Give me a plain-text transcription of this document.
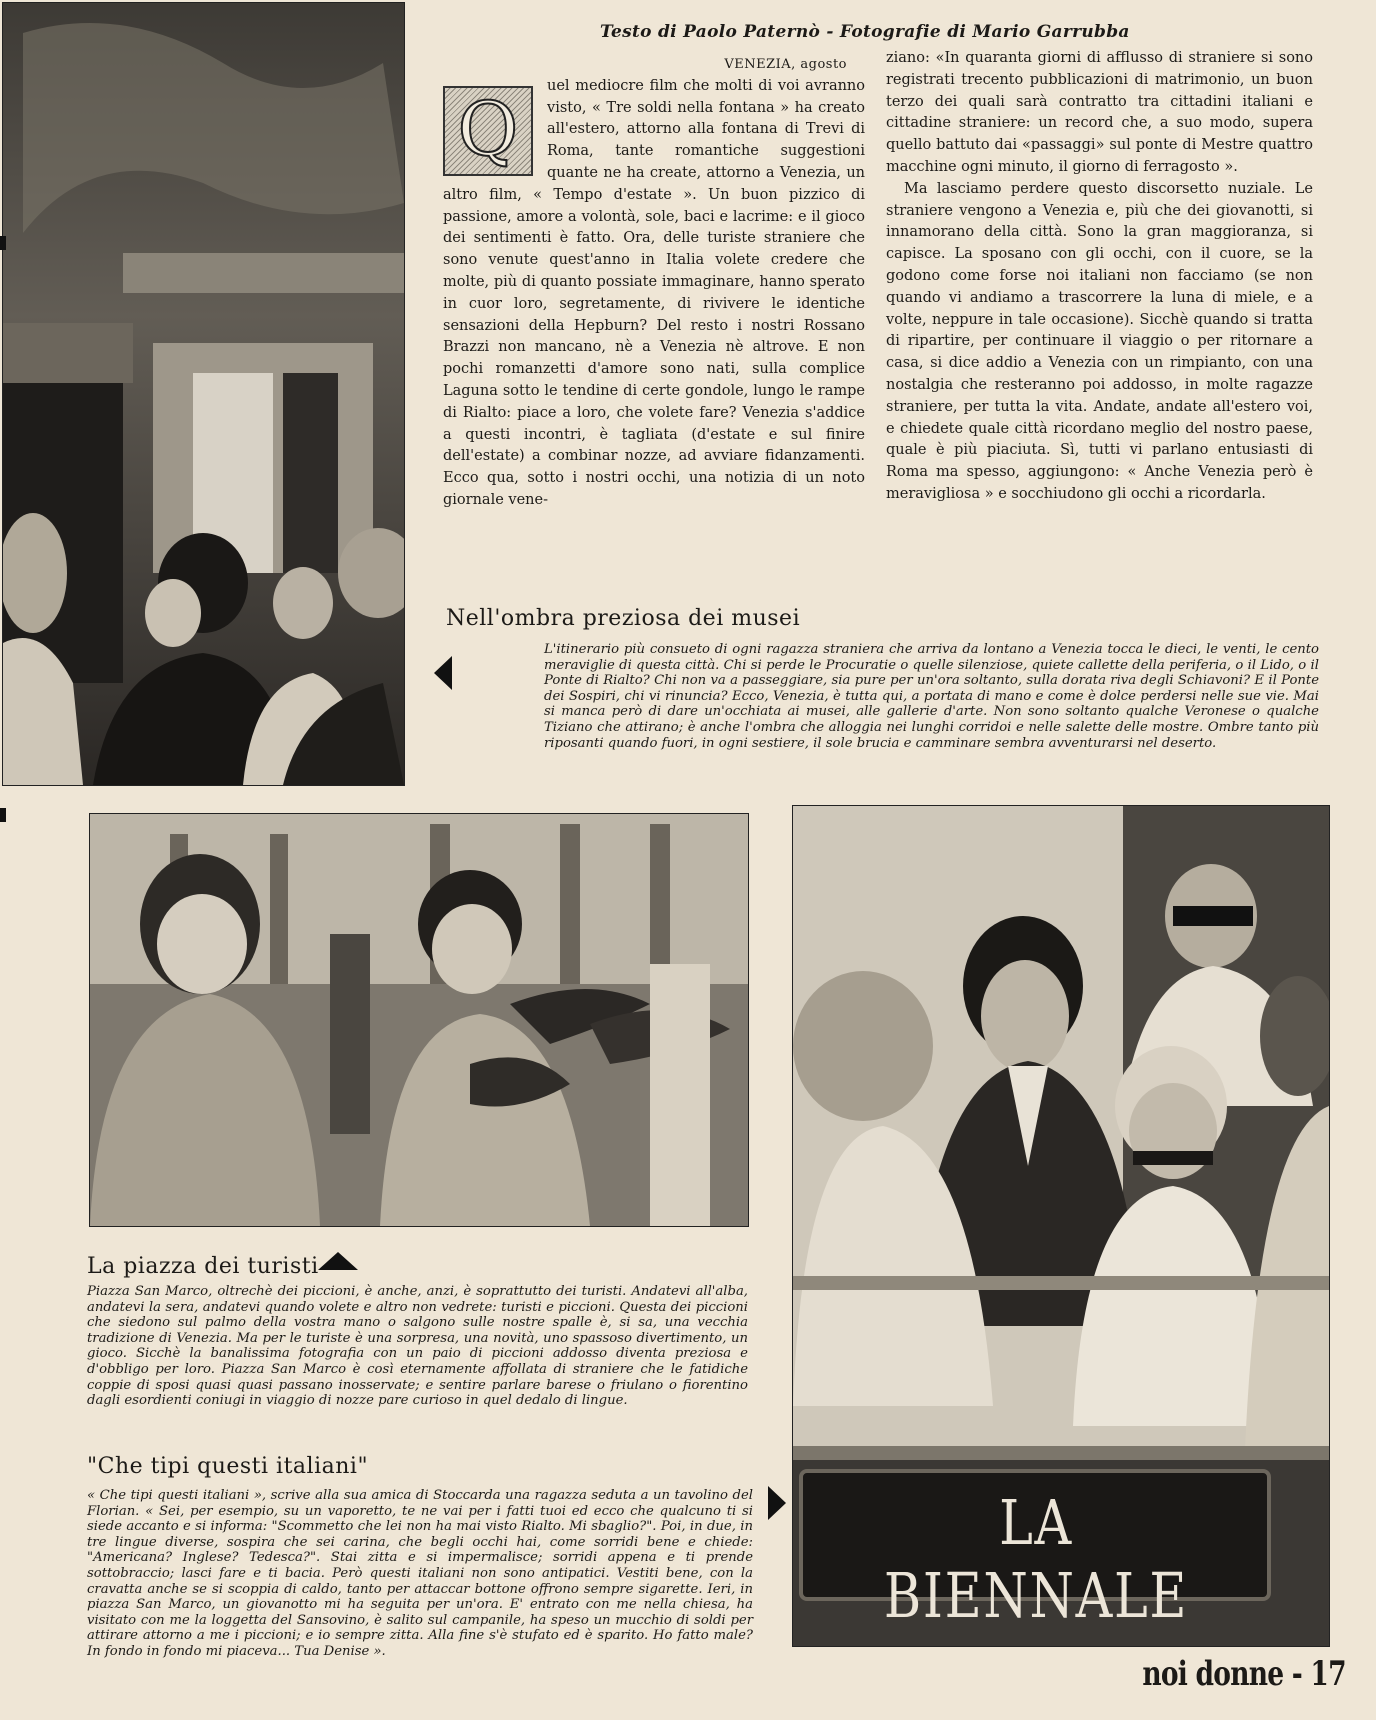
Testo di Paolo Paternò - Fotografie di Mario Garrubba
VENEZIA, agosto
Q

uel mediocre film che molti di voi avranno visto, « Tre soldi nella fontana » ha creato all'estero, attorno alla fontana di Trevi di Roma, tante romantiche suggestioni quante ne ha create, attorno a Venezia, un altro film, « Tempo d'estate ». Un buon pizzico di passione, amore a volontà, sole, baci e lacrime: e il gioco dei sentimenti è fatto. Ora, delle turiste straniere che sono venute quest'anno in Italia volete credere che molte, più di quanto possiate immaginare, hanno sperato in cuor loro, segretamente, di rivivere le identiche sensazioni della Hepburn? Del resto i nostri Rossano Brazzi non mancano, nè a Venezia nè altrove. E non pochi romanzetti d'amore sono nati, sulla complice Laguna sotto le tendine di certe gondole, lungo le rampe di Rialto: piace a loro, che volete fare? Venezia s'addice a questi incontri, è tagliata (d'estate e sul finire dell'estate) a combinar nozze, ad avviare fidanzamenti. Ecco qua, sotto i nostri occhi, una notizia di un noto giornale vene-

ziano: «In quaranta giorni di afflusso di straniere si sono registrati trecento pubblicazioni di matrimonio, un buon terzo dei quali sarà contratto tra cittadini italiani e cittadine straniere: un record che, a suo modo, supera quello battuto dai «passaggi» sul ponte di Mestre quattro macchine ogni minuto, il giorno di ferragosto ».

Ma lasciamo perdere questo discorsetto nuziale. Le straniere vengono a Venezia e, più che dei giovanotti, si innamorano della città. Sono la gran maggioranza, si capisce. La sposano con gli occhi, con il cuore, se la godono come forse noi italiani non facciamo (se non quando vi andiamo a trascorrere la luna di miele, e a volte, neppure in tale occasione). Sicchè quando si tratta di ripartire, per continuare il viaggio o per ritornare a casa, si dice addio a Venezia con un rimpianto, con una nostalgia che resteranno poi addosso, in molte ragazze straniere, per tutta la vita. Andate, andate all'estero voi, e chiedete quale città ricordano meglio del nostro paese, quale è più piaciuta. Sì, tutti vi parlano entusiasti di Roma ma spesso, aggiungono: « Anche Venezia però è meravigliosa » e socchiudono gli occhi a ricordarla.

Nell'ombra preziosa dei musei
L'itinerario più consueto di ogni ragazza straniera che arriva da lontano a Venezia tocca le dieci, le venti, le cento meraviglie di questa città. Chi si perde le Procuratie o quelle silenziose, quiete callette della periferia, o il Lido, o il Ponte di Rialto? Chi non va a passeggiare, sia pure per un'ora soltanto, sulla dorata riva degli Schiavoni? E il Ponte dei Sospiri, chi vi rinuncia? Ecco, Venezia, è tutta qui, a portata di mano e come è dolce perdersi nelle sue vie. Mai si manca però di dare un'occhiata ai musei, alle gallerie d'arte. Non sono soltanto qualche Veronese o qualche Tiziano che attirano; è anche l'ombra che alloggia nei lunghi corridoi e nelle salette delle mostre. Ombre tanto più riposanti quando fuori, in ogni sestiere, il sole brucia e camminare sembra avventurarsi nel deserto.
LA BIENNALE
La piazza dei turisti
Piazza San Marco, oltrechè dei piccioni, è anche, anzi, è soprattutto dei turisti. Andatevi all'alba, andatevi la sera, andatevi quando volete e altro non vedrete: turisti e piccioni. Questa dei piccioni che siedono sul palmo della vostra mano o salgono sulle nostre spalle è, si sa, una vecchia tradizione di Venezia. Ma per le turiste è una sorpresa, una novità, uno spassoso divertimento, un gioco. Sicchè la banalissima fotografia con un paio di piccioni addosso diventa preziosa e d'obbligo per loro. Piazza San Marco è così eternamente affollata di straniere che le fatidiche coppie di sposi quasi quasi passano inosservate; e sentire parlare barese o friulano o fiorentino dagli esordienti coniugi in viaggio di nozze pare curioso in quel dedalo di lingue.
"Che tipi questi italiani"
« Che tipi questi italiani », scrive alla sua amica di Stoccarda una ragazza seduta a un tavolino del Florian. « Sei, per esempio, su un vaporetto, te ne vai per i fatti tuoi ed ecco che qualcuno ti si siede accanto e si informa: "Scommetto che lei non ha mai visto Rialto. Mi sbaglio?". Poi, in due, in tre lingue diverse, sospira che sei carina, che begli occhi hai, come sorridi bene e chiede: "Americana? Inglese? Tedesca?". Stai zitta e si impermalisce; sorridi appena e ti prende sottobraccio; lasci fare e ti bacia. Però questi italiani non sono antipatici. Vestiti bene, con la cravatta anche se si scoppia di caldo, tanto per attaccar bottone offrono sempre sigarette. Ieri, in piazza San Marco, un giovanotto mi ha seguita per un'ora. E' entrato con me nella chiesa, ha visitato con me la loggetta del Sansovino, è salito sul campanile, ha speso un mucchio di soldi per attirare attorno a me i piccioni; e io sempre zitta. Alla fine s'è stufato ed è sparito. Ho fatto male? In fondo in fondo mi piaceva... Tua Denise ».
noi donne - 17
